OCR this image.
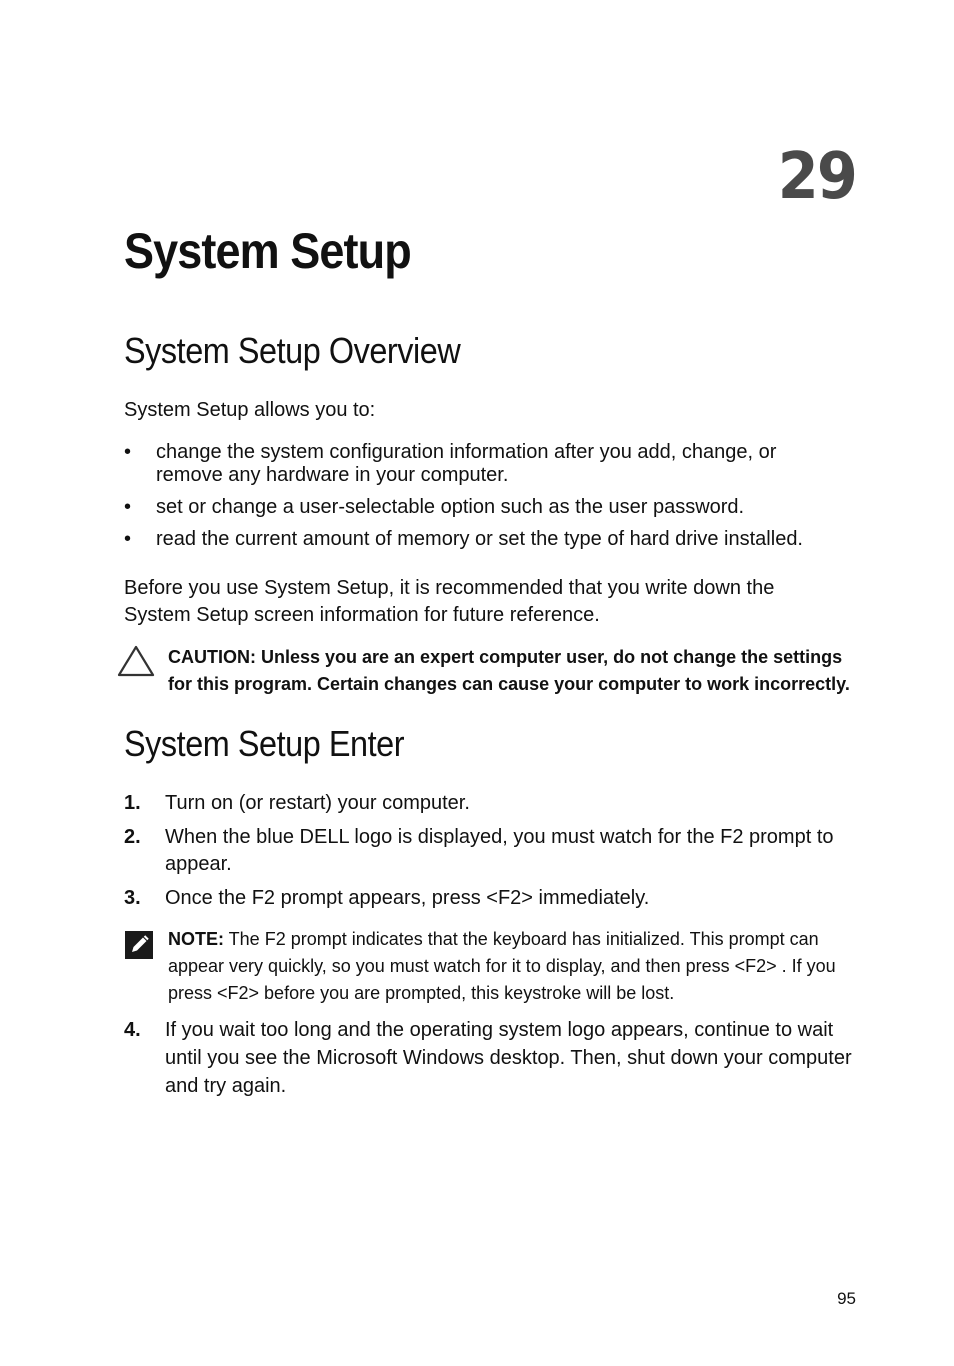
29
System Setup
System Setup Overview

System Setup allows you to:

• change the system configuration information after you add, change, or remove any hardware in your computer.
• set or change a user-selectable option such as the user password.
• read the current amount of memory or set the type of hard drive installed.

Before you use System Setup, it is recommended that you write down the System Setup screen information for future reference.

CAUTION: Unless you are an expert computer user, do not change the settings for this program. Certain changes can cause your computer to work incorrectly.
System Setup Enter
1. Turn on (or restart) your computer.
2. When the blue DELL logo is displayed, you must watch for the F2 prompt to appear.
3. Once the F2 prompt appears, press <F2> immediately.
NOTE: The F2 prompt indicates that the keyboard has initialized. This prompt can appear very quickly, so you must watch for it to display, and then press <F2> . If you press <F2> before you are prompted, this keystroke will be lost.
4. If you wait too long and the operating system logo appears, continue to wait until you see the Microsoft Windows desktop. Then, shut down your computer and try again.
95
